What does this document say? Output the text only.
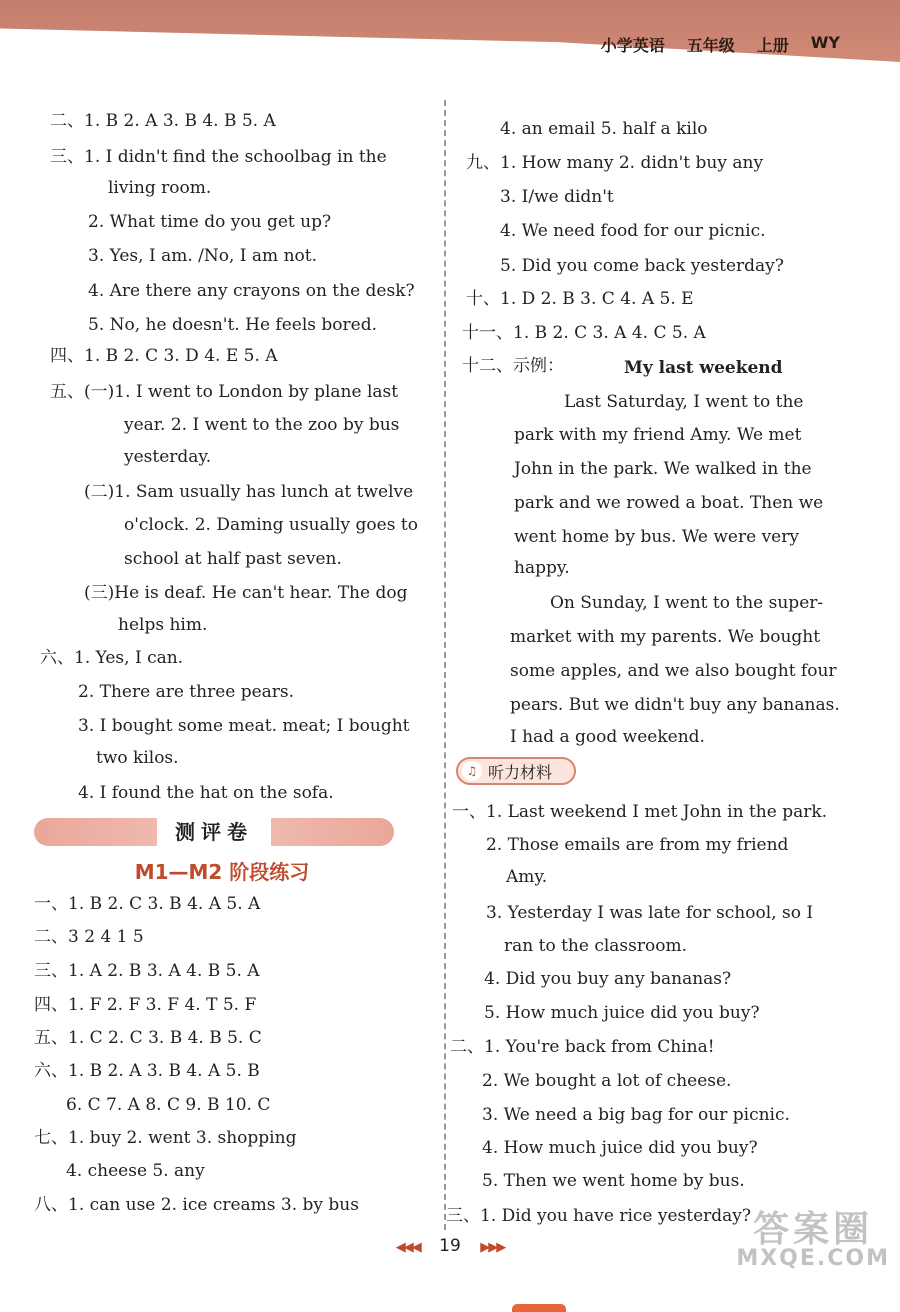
小学英语 五年级 上册 WY
二、1. B 2. A 3. B 4. B 5. A
三、1. I didn't find the schoolbag in the
living room.
2. What time do you get up?
3. Yes, I am. /No, I am not.
4. Are there any crayons on the desk?
5. No, he doesn't. He feels bored.
四、1. B 2. C 3. D 4. E 5. A
五、(一)1. I went to London by plane last
year. 2. I went to the zoo by bus
yesterday.
(二)1. Sam usually has lunch at twelve
o'clock. 2. Daming usually goes to
school at half past seven.
(三)He is deaf. He can't hear. The dog
helps him.
六、1. Yes, I can.
2. There are three pears.
3. I bought some meat. meat; I bought
two kilos.
4. I found the hat on the sofa.
测评卷
M1—M2 阶段练习
一、1. B 2. C 3. B 4. A 5. A
二、3 2 4 1 5
三、1. A 2. B 3. A 4. B 5. A
四、1. F 2. F 3. F 4. T 5. F
五、1. C 2. C 3. B 4. B 5. C
六、1. B 2. A 3. B 4. A 5. B
6. C 7. A 8. C 9. B 10. C
七、1. buy 2. went 3. shopping
4. cheese 5. any
八、1. can use 2. ice creams 3. by bus
4. an email 5. half a kilo
九、1. How many 2. didn't buy any
3. I/we didn't
4. We need food for our picnic.
5. Did you come back yesterday?
十、1. D 2. B 3. C 4. A 5. E
十一、1. B 2. C 3. A 4. C 5. A
十二、示例：	My last weekend
Last Saturday, I went to the
park with my friend Amy. We met
John in the park. We walked in the
park and we rowed a boat. Then we
went home by bus. We were very
happy.
On Sunday, I went to the super-
market with my parents. We bought
some apples, and we also bought four
pears. But we didn't buy any bananas.
I had a good weekend.
♫ 听力材料
一、1. Last weekend I met John in the park.
2. Those emails are from my friend
Amy.
3. Yesterday I was late for school, so I
ran to the classroom.
4. Did you buy any bananas?
5. How much juice did you buy?
二、1. You're back from China!
2. We bought a lot of cheese.
3. We need a big bag for our picnic.
4. How much juice did you buy?
5. Then we went home by bus.
三、1. Did you have rice yesterday?
◀◀◀ 19 ▶▶▶	答案圈
MXQE.COM
